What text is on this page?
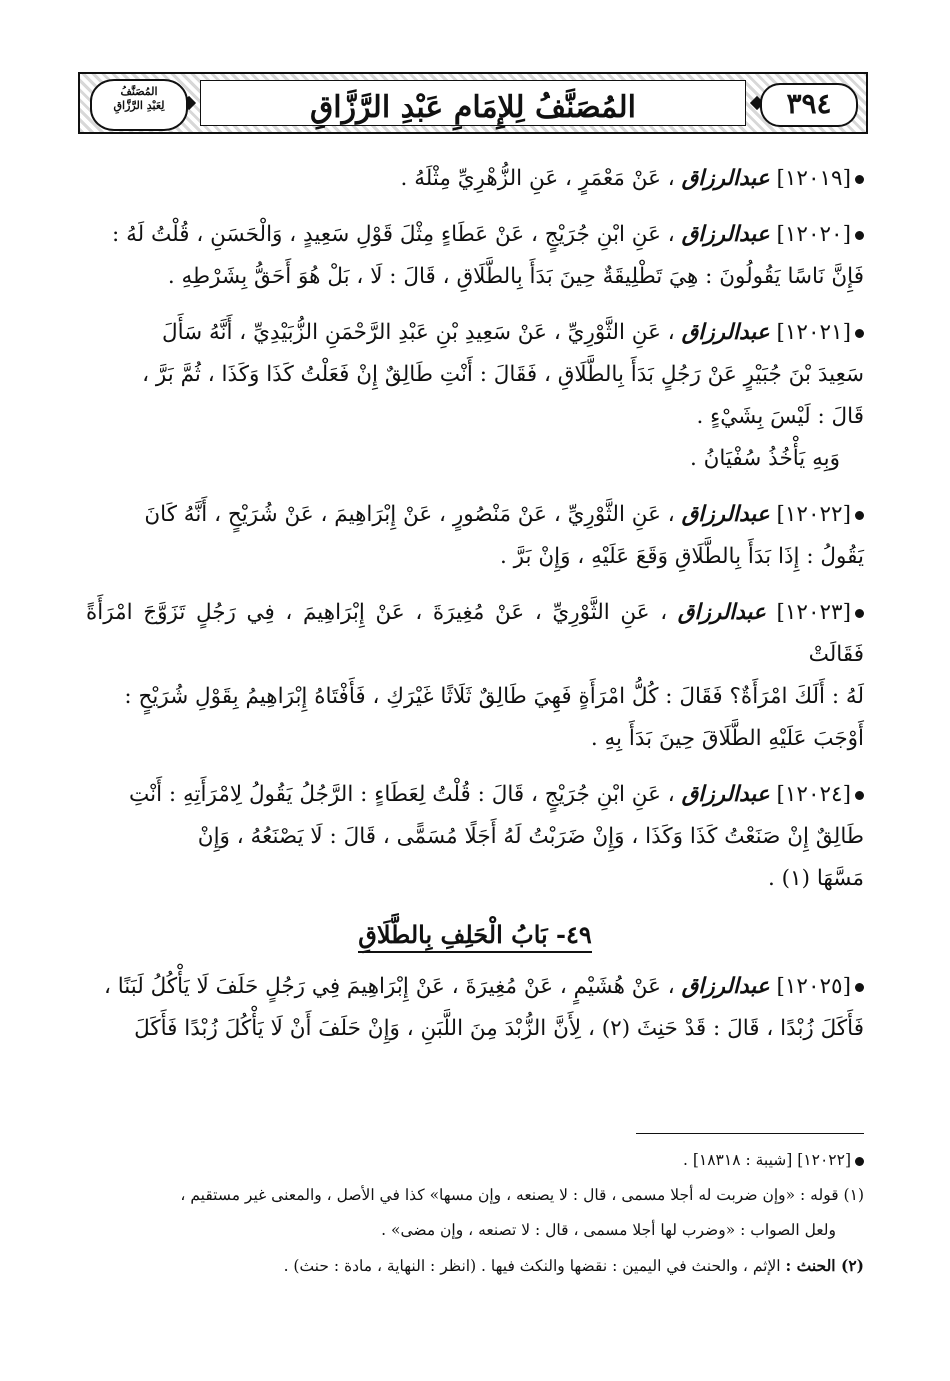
المُصَنَّفُ لِلإِمَامِ عَبْدِ الرَّزَّاقِ	٣٩٤
المُصَنَّفُ
لِعَبْدِ الرَّزَّاقِ
[١٢٠١٩] عبدالرزاق ، عَنْ مَعْمَرٍ ، عَنِ الزُّهْرِيِّ مِثْلَهُ .
[١٢٠٢٠] عبدالرزاق ، عَنِ ابْنِ جُرَيْجٍ ، عَنْ عَطَاءٍ مِثْلَ قَوْلِ سَعِيدٍ ، وَالْحَسَنِ ، قُلْتُ لَهُ :
فَإِنَّ نَاسًا يَقُولُونَ : هِيَ تَطْلِيقَةٌ حِينَ بَدَأَ بِالطَّلَاقِ ، قَالَ : لَا ، بَلْ هُوَ أَحَقُّ بِشَرْطِهِ .
[١٢٠٢١] عبدالرزاق ، عَنِ الثَّوْرِيِّ ، عَنْ سَعِيدِ بْنِ عَبْدِ الرَّحْمَنِ الزُّبَيْدِيِّ ، أَنَّهُ سَأَلَ
سَعِيدَ بْنَ جُبَيْرٍ عَنْ رَجُلٍ بَدَأَ بِالطَّلَاقِ ، فَقَالَ : أَنْتِ طَالِقٌ إِنْ فَعَلْتُ كَذَا وَكَذَا ، ثُمَّ بَرَّ ،
قَالَ : لَيْسَ بِشَيْءٍ .
وَبِهِ يَأْخُذُ سُفْيَانُ .
[١٢٠٢٢] عبدالرزاق ، عَنِ الثَّوْرِيِّ ، عَنْ مَنْصُورٍ ، عَنْ إِبْرَاهِيمَ ، عَنْ شُرَيْحٍ ، أَنَّهُ كَانَ
يَقُولُ : إِذَا بَدَأَ بِالطَّلَاقِ وَقَعَ عَلَيْهِ ، وَإِنْ بَرَّ .
[١٢٠٢٣] عبدالرزاق ، عَنِ الثَّوْرِيِّ ، عَنْ مُغِيرَةَ ، عَنْ إِبْرَاهِيمَ ، فِي رَجُلٍ تَزَوَّجَ امْرَأَةً فَقَالَتْ
لَهُ : أَلَكَ امْرَأَةٌ؟ فَقَالَ : كُلُّ امْرَأَةٍ فَهِيَ طَالِقٌ ثَلَاثًا غَيْرَكِ ، فَأَفْتَاهُ إِبْرَاهِيمُ بِقَوْلِ شُرَيْحٍ :
أَوْجَبَ عَلَيْهِ الطَّلَاقَ حِينَ بَدَأَ بِهِ .
[١٢٠٢٤] عبدالرزاق ، عَنِ ابْنِ جُرَيْجٍ ، قَالَ : قُلْتُ لِعَطَاءٍ : الرَّجُلُ يَقُولُ لِامْرَأَتِهِ : أَنْتِ
طَالِقٌ إِنْ صَنَعْتُ كَذَا وَكَذَا ، وَإِنْ ضَرَبْتُ لَهُ أَجَلًا مُسَمًّى ، قَالَ : لَا يَصْنَعُهُ ، وَإِنْ
مَسَّهَا (١) .
٤٩- بَابُ الْحَلِفِ بِالطَّلَاقِ
[١٢٠٢٥] عبدالرزاق ، عَنْ هُشَيْمٍ ، عَنْ مُغِيرَةَ ، عَنْ إِبْرَاهِيمَ فِي رَجُلٍ حَلَفَ لَا يَأْكُلُ لَبَنًا ،
فَأَكَلَ زُبْدًا ، قَالَ : قَدْ حَنِثَ (٢) ، لِأَنَّ الزُّبْدَ مِنَ اللَّبَنِ ، وَإِنْ حَلَفَ أَنْ لَا يَأْكُلَ زُبْدًا فَأَكَلَ
[١٢٠٢٢] [شيبة : ١٨٣١٨] .
(١) قوله : «وإن ضربت له أجلا مسمى ، قال : لا يصنعه ، وإن مسها» كذا في الأصل ، والمعنى غير مستقيم ،
ولعل الصواب : «وضرب لها أجلا مسمى ، قال : لا تصنعه ، وإن مضى» .
(٢) الحنث : الإثم ، والحنث في اليمين : نقضها والنكث فيها . (انظر : النهاية ، مادة : حنث) .
